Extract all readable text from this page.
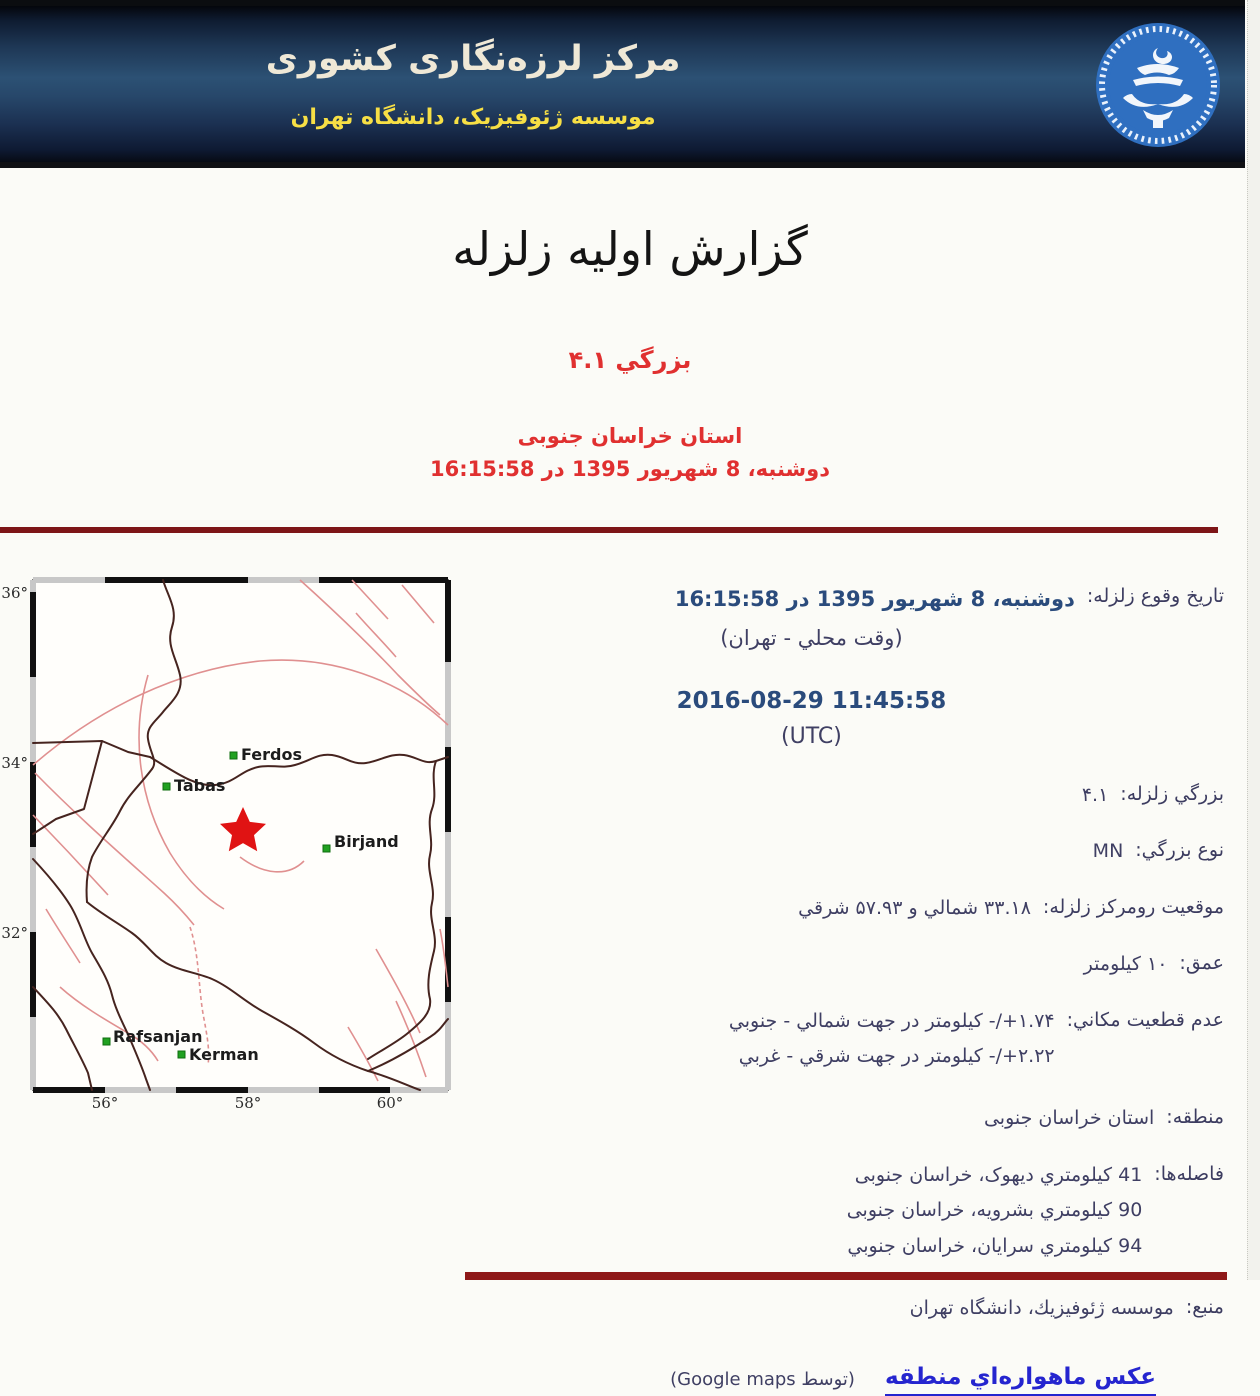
مرکز لرزه‌نگاری کشوری
موسسه ژئوفیزیک، دانشگاه تهران
گزارش اولیه زلزله
۴.۱ بزرگي
استان خراسان جنوبی
دوشنبه، 8 شهریور 1395 در 16:15:58
Ferdos
Tabas
Birjand
Rafsanjan
Kerman
36°
34°
32°
56°	58°	60°
تاریخ وقوع زلزله:
دوشنبه، 8 شهریور 1395 در 16:15:58
(وقت محلي - تهران)
2016-08-29 11:45:58
(UTC)
بزرگي زلزله:
۴.۱
نوع بزرگي:
MN
موقعیت رومرکز زلزله:
۳۳.۱۸ شمالي و ۵۷.۹۳ شرقي
عمق:
۱۰ کیلومتر
عدم قطعیت مکاني:
۱.۷۴+/- کیلومتر در جهت شمالي - جنوبي
۲.۲۲+/- کیلومتر در جهت شرقي - غربي
منطقه:
استان خراسان جنوبی
فاصله‌ها:
41 کیلومتري دیهوک، خراسان جنوبی
90 کیلومتري بشرویه، خراسان جنوبی
94 کیلومتري سرایان، خراسان جنوبي
منبع:
موسسه ژئوفیزیك، دانشگاه تهران
عکس ماهواره‌اي منطقه
(توسط Google maps)
